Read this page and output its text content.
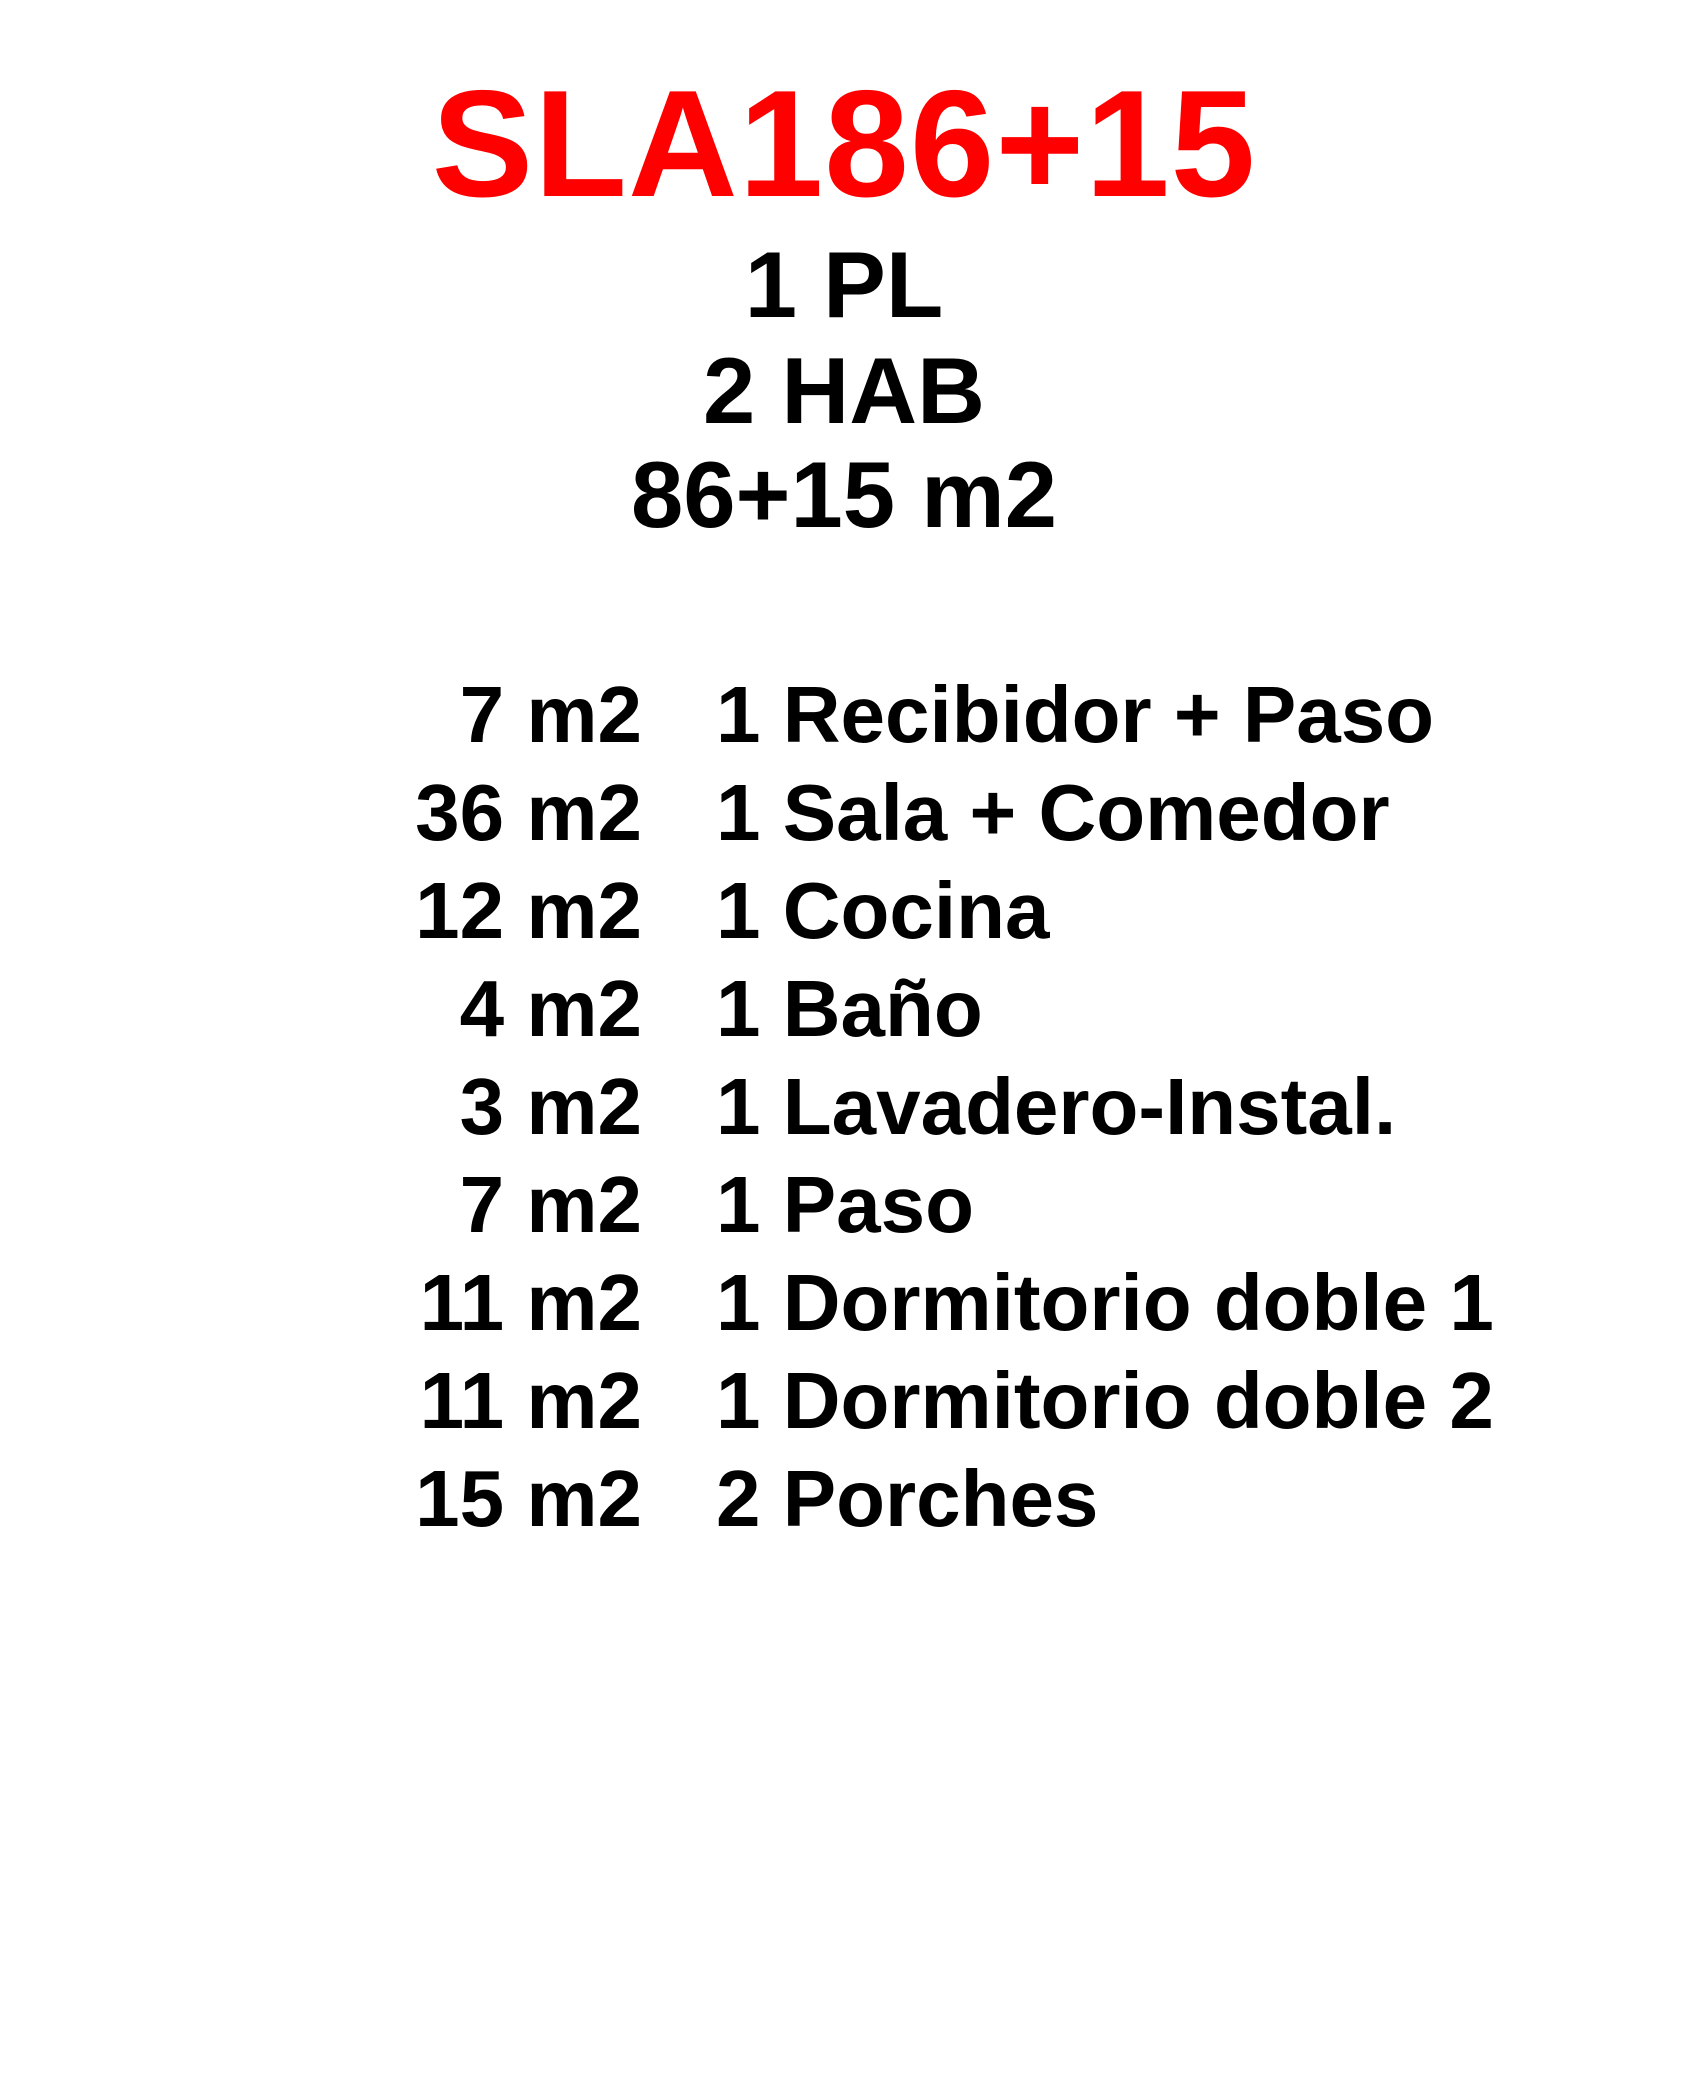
SLA186+15
1 PL
2 HAB
86+15 m2
7 m2 1 Recibidor + Paso
36 m2 1 Sala + Comedor
12 m2 1 Cocina
4 m2 1 Baño
3 m2 1 Lavadero-Instal.
7 m2 1 Paso
11 m2 1 Dormitorio doble 1
11 m2 1 Dormitorio doble 2
15 m2 2 Porches
